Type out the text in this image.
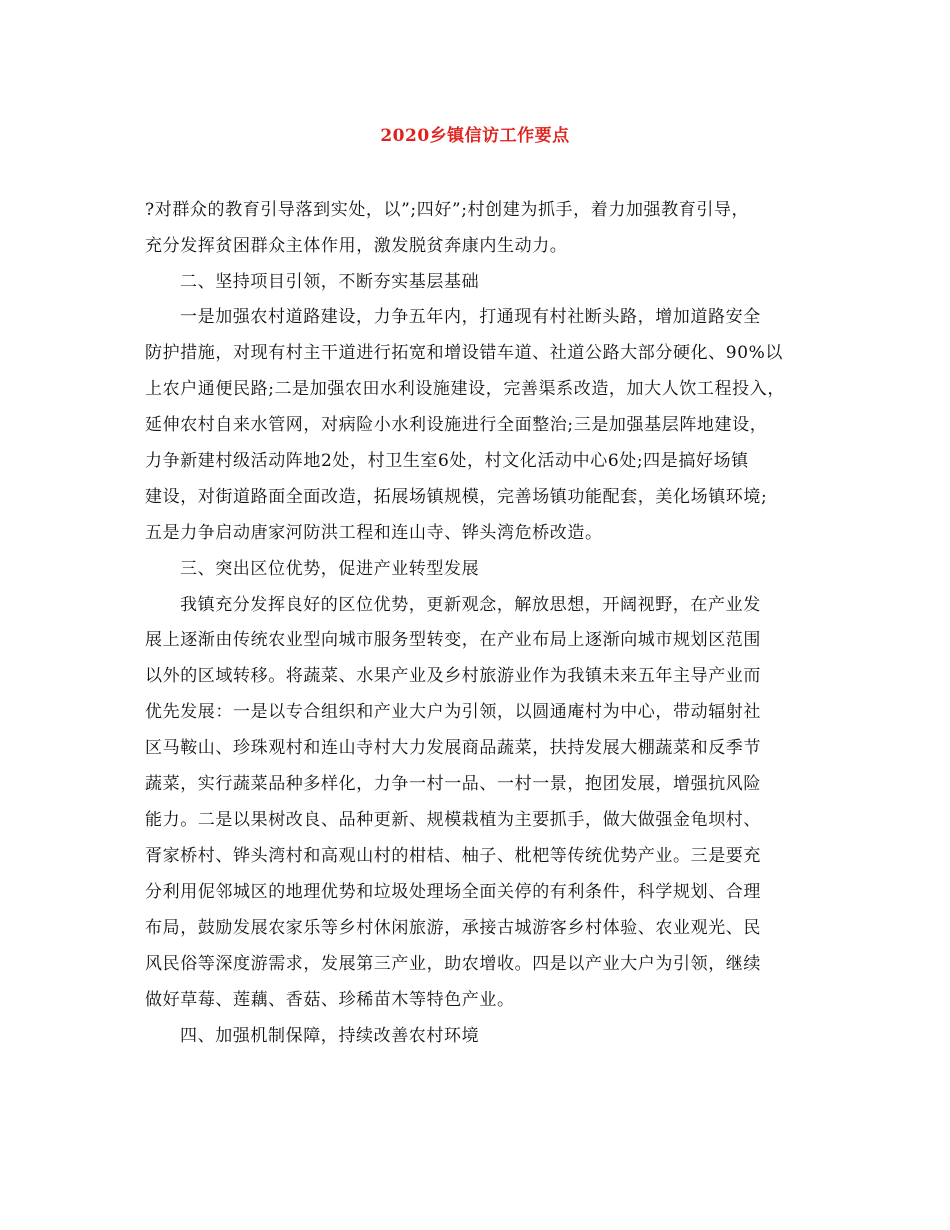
2020乡镇信访工作要点
?对群众的教育引导落到实处，以”;四好”;村创建为抓手，着力加强教育引导，
充分发挥贫困群众主体作用，激发脱贫奔康内生动力。
二、坚持项目引领，不断夯实基层基础
一是加强农村道路建设，力争五年内，打通现有村社断头路，增加道路安全
防护措施，对现有村主干道进行拓宽和增设错车道、社道公路大部分硬化、90%以
上农户通便民路;二是加强农田水利设施建设，完善渠系改造，加大人饮工程投入，
延伸农村自来水管网，对病险小水利设施进行全面整治;三是加强基层阵地建设，
力争新建村级活动阵地2处，村卫生室6处，村文化活动中心6处;四是搞好场镇
建设，对街道路面全面改造，拓展场镇规模，完善场镇功能配套，美化场镇环境;
五是力争启动唐家河防洪工程和连山寺、铧头湾危桥改造。
三、突出区位优势，促进产业转型发展
我镇充分发挥良好的区位优势，更新观念，解放思想，开阔视野，在产业发
展上逐渐由传统农业型向城市服务型转变，在产业布局上逐渐向城市规划区范围
以外的区域转移。将蔬菜、水果产业及乡村旅游业作为我镇未来五年主导产业而
优先发展：一是以专合组织和产业大户为引领，以圆通庵村为中心，带动辐射社
区马鞍山、珍珠观村和连山寺村大力发展商品蔬菜，扶持发展大棚蔬菜和反季节
蔬菜，实行蔬菜品种多样化，力争一村一品、一村一景，抱团发展，增强抗风险
能力。二是以果树改良、品种更新、规模栽植为主要抓手，做大做强金龟坝村、
胥家桥村、铧头湾村和高观山村的柑桔、柚子、枇杷等传统优势产业。三是要充
分利用伲邻城区的地理优势和垃圾处理场全面关停的有利条件，科学规划、合理
布局，鼓励发展农家乐等乡村休闲旅游，承接古城游客乡村体验、农业观光、民
风民俗等深度游需求，发展第三产业，助农增收。四是以产业大户为引领，继续
做好草莓、莲藕、香菇、珍稀苗木等特色产业。
四、加强机制保障，持续改善农村环境
